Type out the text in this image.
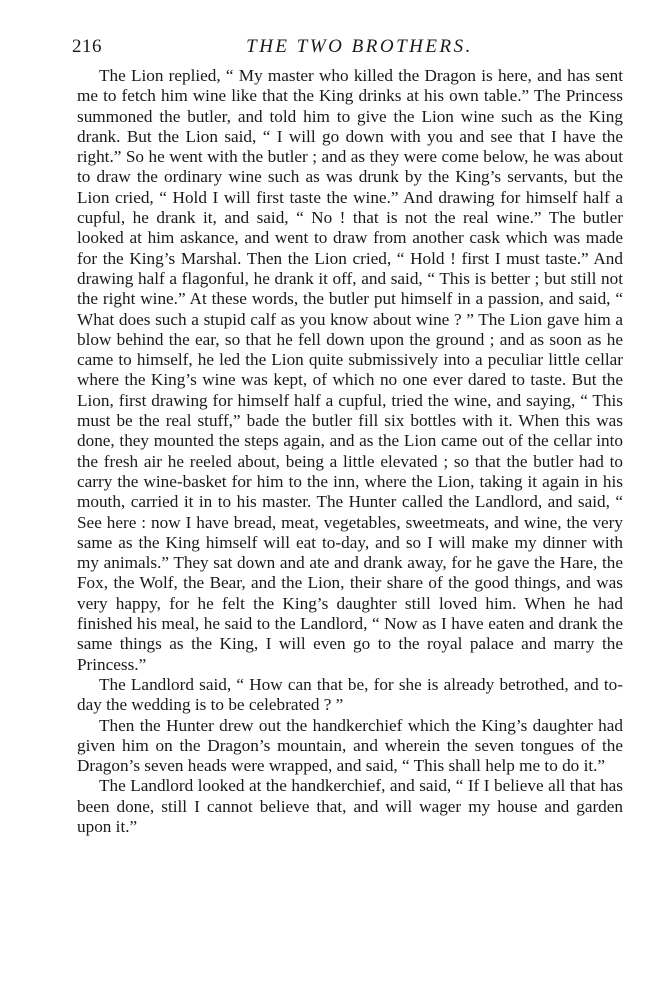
216	THE TWO BROTHERS.

The Lion replied, “ My master who killed the Dragon is here, and has sent me to fetch him wine like that the King drinks at his own table.” The Princess summoned the butler, and told him to give the Lion wine such as the King drank. But the Lion said, “ I will go down with you and see that I have the right.” So he went with the butler ; and as they were come below, he was about to draw the ordinary wine such as was drunk by the King’s servants, but the Lion cried, “ Hold I will first taste the wine.” And drawing for himself half a cupful, he drank it, and said, “ No ! that is not the real wine.” The butler looked at him askance, and went to draw from another cask which was made for the King’s Marshal. Then the Lion cried, “ Hold ! first I must taste.” And drawing half a flagonful, he drank it off, and said, “ This is better ; but still not the right wine.” At these words, the butler put himself in a passion, and said, “ What does such a stupid calf as you know about wine ? ” The Lion gave him a blow behind the ear, so that he fell down upon the ground ; and as soon as he came to himself, he led the Lion quite submissively into a peculiar little cellar where the King’s wine was kept, of which no one ever dared to taste. But the Lion, first drawing for himself half a cupful, tried the wine, and saying, “ This must be the real stuff,” bade the butler fill six bottles with it. When this was done, they mounted the steps again, and as the Lion came out of the cellar into the fresh air he reeled about, being a little elevated ; so that the butler had to carry the wine-basket for him to the inn, where the Lion, taking it again in his mouth, carried it in to his master. The Hunter called the Landlord, and said, “ See here : now I have bread, meat, vegetables, sweetmeats, and wine, the very same as the King himself will eat to-day, and so I will make my dinner with my animals.” They sat down and ate and drank away, for he gave the Hare, the Fox, the Wolf, the Bear, and the Lion, their share of the good things, and was very happy, for he felt the King’s daughter still loved him. When he had finished his meal, he said to the Landlord, “ Now as I have eaten and drank the same things as the King, I will even go to the royal palace and marry the Princess.”

The Landlord said, “ How can that be, for she is already betrothed, and to-day the wedding is to be celebrated ? ”

Then the Hunter drew out the handkerchief which the King’s daughter had given him on the Dragon’s mountain, and wherein the seven tongues of the Dragon’s seven heads were wrapped, and said, “ This shall help me to do it.”

The Landlord looked at the handkerchief, and said, “ If I believe all that has been done, still I cannot believe that, and will wager my house and garden upon it.”
